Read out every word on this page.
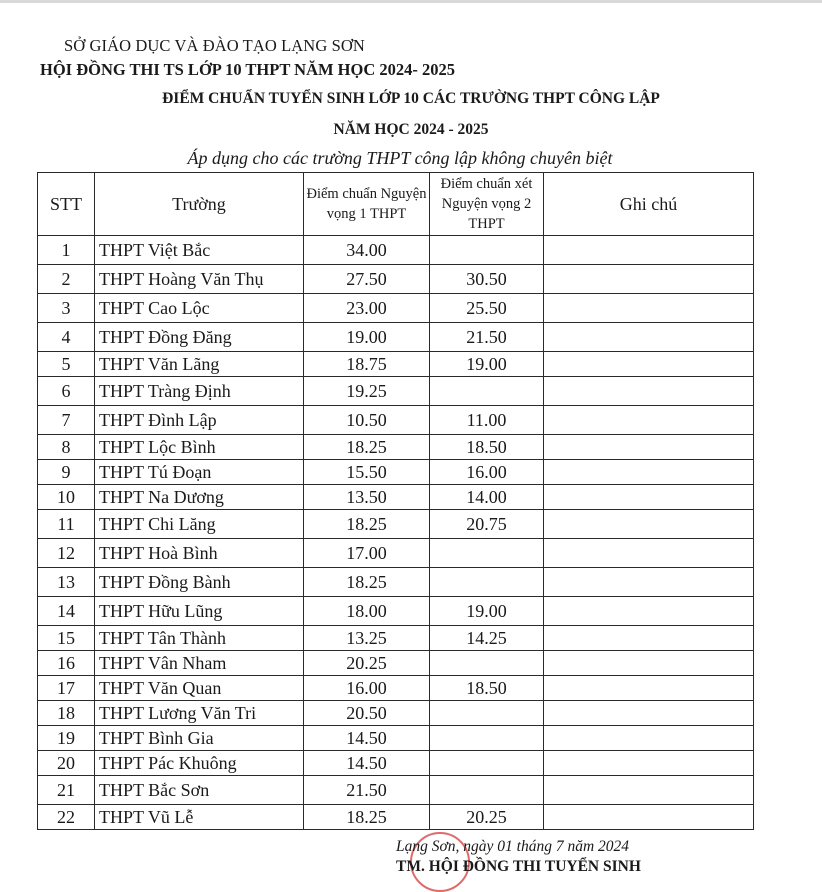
SỞ GIÁO DỤC VÀ ĐÀO TẠO LẠNG SƠN
HỘI ĐỒNG THI TS LỚP 10 THPT NĂM HỌC 2024- 2025
ĐIỂM CHUẨN TUYỂN SINH LỚP 10 CÁC TRƯỜNG THPT CÔNG LẬP
NĂM HỌC 2024 - 2025
Áp dụng cho các trường THPT công lập không chuyên biệt
STT	Trường	Điểm chuẩn Nguyện vọng 1 THPT	Điểm chuẩn xét Nguyện vọng 2 THPT	Ghi chú
1	THPT Việt Bắc	34.00		
2	THPT Hoàng Văn Thụ	27.50	30.50	
3	THPT Cao Lộc	23.00	25.50	
4	THPT Đồng Đăng	19.00	21.50	
5	THPT Văn Lãng	18.75	19.00	
6	THPT Tràng Định	19.25		
7	THPT Đình Lập	10.50	11.00	
8	THPT Lộc Bình	18.25	18.50	
9	THPT Tú Đoạn	15.50	16.00	
10	THPT Na Dương	13.50	14.00	
11	THPT Chi Lăng	18.25	20.75	
12	THPT Hoà Bình	17.00		
13	THPT Đồng Bành	18.25		
14	THPT Hữu Lũng	18.00	19.00	
15	THPT Tân Thành	13.25	14.25	
16	THPT Vân Nham	20.25		
17	THPT Văn Quan	16.00	18.50	
18	THPT Lương Văn Tri	20.50		
19	THPT Bình Gia	14.50		
20	THPT Pác Khuông	14.50		
21	THPT Bắc Sơn	21.50		
22	THPT Vũ Lễ	18.25	20.25	
Lạng Sơn, ngày 01 tháng 7 năm 2024
TM. HỘI ĐỒNG THI TUYỂN SINH
